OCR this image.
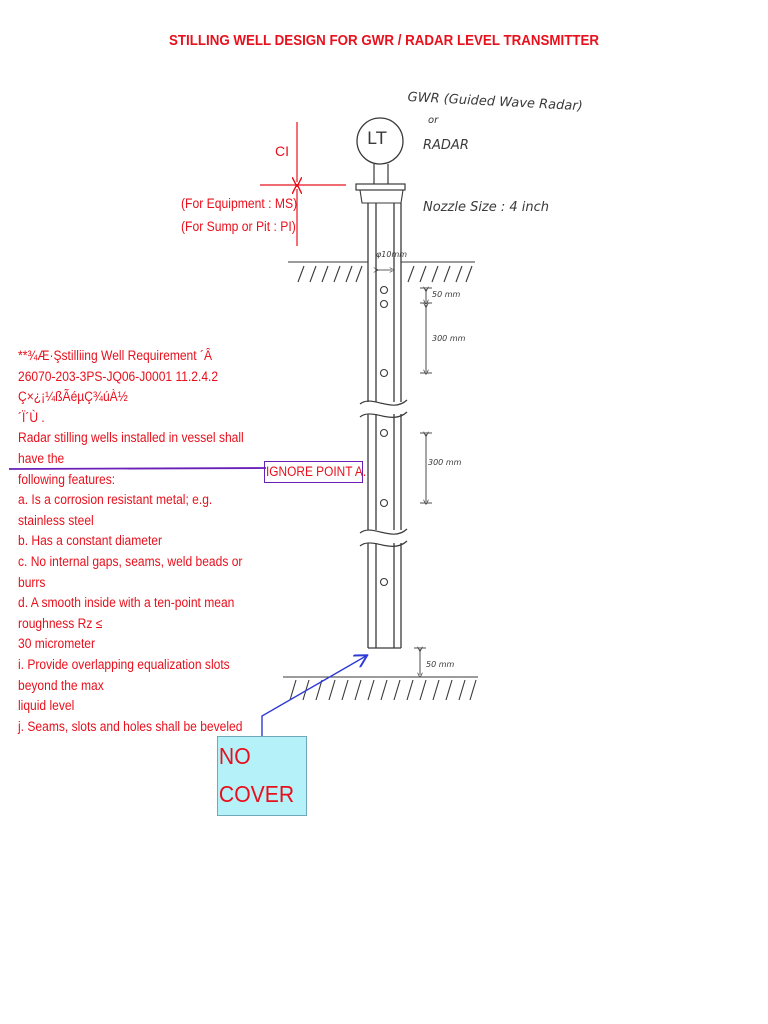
STILLING WELL DESIGN FOR GWR / RADAR LEVEL TRANSMITTER
LT
GWR (Guided Wave Radar)
or
RADAR
Nozzle Size : 4 inch
φ10mm
50 mm
300 mm
300 mm
50 mm
CI
(For Equipment : MS)
(For Sump or Pit : PI)
**¾Æ·Şstilliing Well Requirement ´Â
26070-203-3PS-JQ06-J0001 11.2.4.2 Ç×¿¡¼ßÃéµÇ¾úÀ½
´Ï´Ù .
Radar stilling wells installed in vessel shall have the
following features:
a. Is a corrosion resistant metal; e.g. stainless steel
b. Has a constant diameter
c. No internal gaps, seams, weld beads or burrs
d. A smooth inside with a ten-point mean roughness Rz ≤
30 micrometer
i. Provide overlapping equalization slots beyond the max
liquid level
j. Seams, slots and holes shall be beveled
IGNORE POINT A.
NO
COVER
